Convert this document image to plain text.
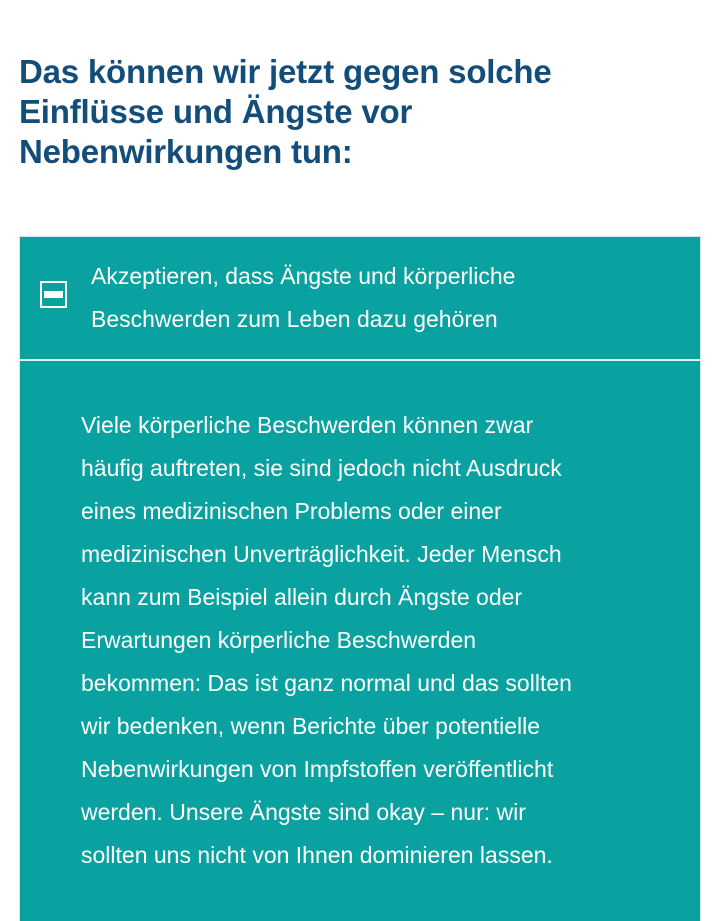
Das können wir jetzt gegen solche
Einflüsse und Ängste vor
Nebenwirkungen tun:

Akzeptieren, dass Ängste und körperliche
Beschwerden zum Leben dazu gehören

Viele körperliche Beschwerden können zwar
häufig auftreten, sie sind jedoch nicht Ausdruck
eines medizinischen Problems oder einer
medizinischen Unverträglichkeit. Jeder Mensch
kann zum Beispiel allein durch Ängste oder
Erwartungen körperliche Beschwerden
bekommen: Das ist ganz normal und das sollten
wir bedenken, wenn Berichte über potentielle
Nebenwirkungen von Impfstoffen veröffentlicht
werden. Unsere Ängste sind okay – nur: wir
sollten uns nicht von Ihnen dominieren lassen.
